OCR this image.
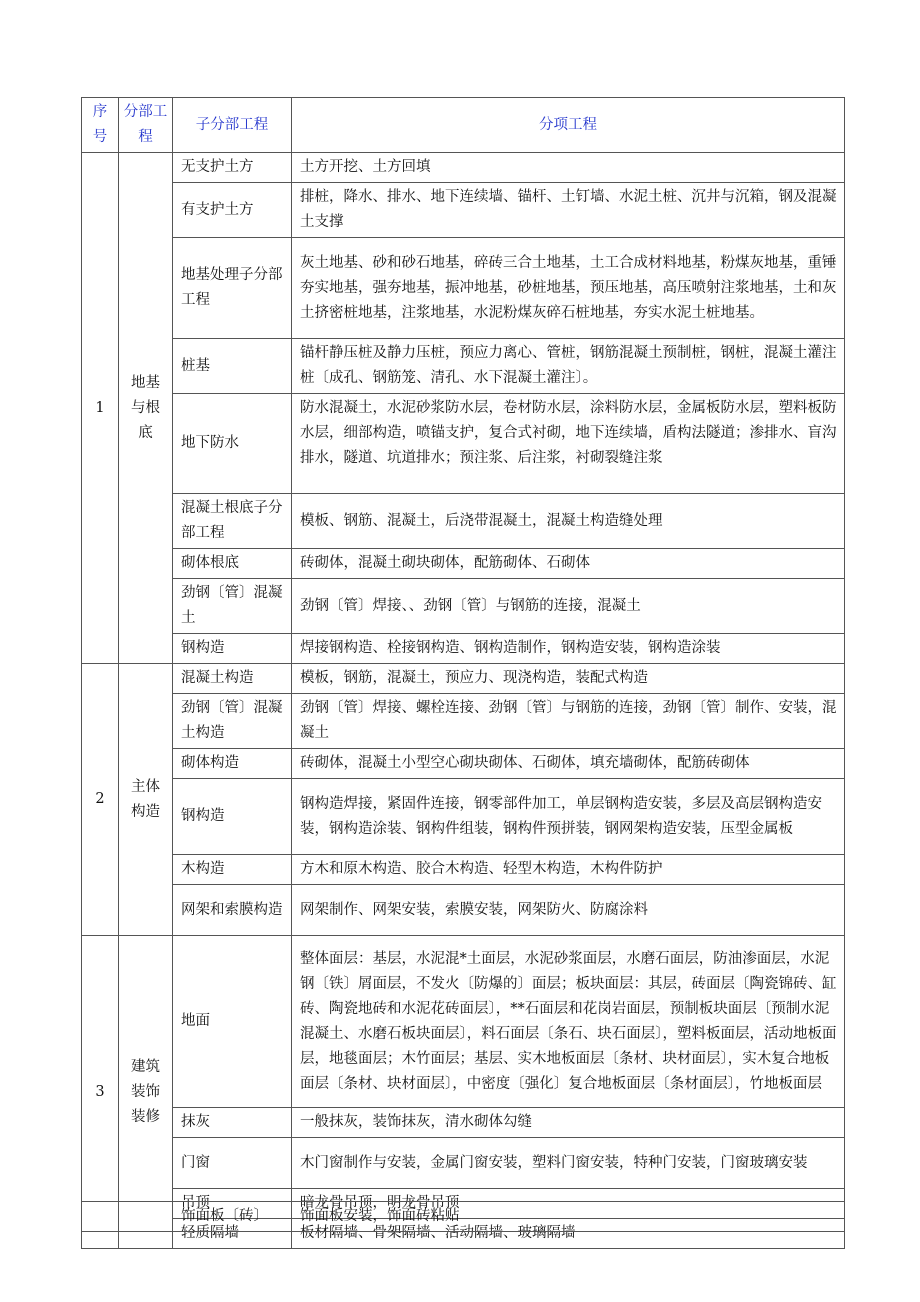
序号	分部工程	子分部工程	分项工程
1	地基与根底	无支护土方	土方开挖、土方回填
		有支护土方	排桩，降水、排水、地下连续墙、锚杆、土钉墙、水泥土桩、沉井与沉箱，钢及混凝土支撑
		地基处理子分部工程	灰土地基、砂和砂石地基，碎砖三合土地基，土工合成材料地基，粉煤灰地基，重锤夯实地基，强夯地基，振冲地基，砂桩地基，预压地基，高压喷射注浆地基，土和灰土挤密桩地基，注浆地基，水泥粉煤灰碎石桩地基，夯实水泥土桩地基。
		桩基	锚杆静压桩及静力压桩，预应力离心、管桩，钢筋混凝土预制桩，钢桩，混凝土灌注桩〔成孔、钢筋笼、清孔、水下混凝土灌注〕。
		地下防水	防水混凝土，水泥砂浆防水层，卷材防水层，涂料防水层，金属板防水层，塑料板防水层，细部构造，喷锚支护，复合式衬砌，地下连续墙，盾构法隧道；渗排水、盲沟排水，隧道、坑道排水；预注浆、后注浆，衬砌裂缝注浆
		混凝土根底子分部工程	模板、钢筋、混凝土，后浇带混凝土，混凝土构造缝处理
		砌体根底	砖砌体，混凝土砌块砌体，配筋砌体、石砌体
		劲钢〔管〕混凝土	劲钢〔管〕焊接、、劲钢〔管〕与钢筋的连接，混凝土
		钢构造	焊接钢构造、栓接钢构造、钢构造制作，钢构造安装，钢构造涂装
2	主体构造	混凝土构造	模板，钢筋，混凝土，预应力、现浇构造，装配式构造
		劲钢〔管〕混凝土构造	劲钢〔管〕焊接、螺栓连接、劲钢〔管〕与钢筋的连接，劲钢〔管〕制作、安装，混凝土
		砌体构造	砖砌体，混凝土小型空心砌块砌体、石砌体，填充墙砌体，配筋砖砌体
		钢构造	钢构造焊接，紧固件连接，钢零部件加工，单层钢构造安装，多层及高层钢构造安装，钢构造涂装、钢构件组装，钢构件预拼装，钢网架构造安装，压型金属板
		木构造	方木和原木构造、胶合木构造、轻型木构造，木构件防护
		网架和索膜构造	网架制作、网架安装，索膜安装，网架防火、防腐涂料
3	建筑装饰装修	地面	整体面层：基层，水泥混*土面层，水泥砂浆面层，水磨石面层，防油渗面层，水泥钢〔铁〕屑面层，不发火〔防爆的〕面层；板块面层：其层，砖面层〔陶瓷锦砖、缸砖、陶瓷地砖和水泥花砖面层〕，**石面层和花岗岩面层，预制板块面层〔预制水泥混凝土、水磨石板块面层〕，料石面层〔条石、块石面层〕，塑料板面层，活动地板面层，地毯面层；木竹面层；基层、实木地板面层〔条材、块材面层〕，实木复合地板面层〔条材、块材面层〕，中密度〔强化〕复合地板面层〔条材面层〕，竹地板面层
		抹灰	一般抹灰，装饰抹灰，清水砌体勾缝
		门窗	木门窗制作与安装，金属门窗安装，塑料门窗安装，特种门安装，门窗玻璃安装
		吊顶	暗龙骨吊顶，明龙骨吊顶
		轻质隔墙	板材隔墙、骨架隔墙、活动隔墙、玻璃隔墙
		饰面板〔砖〕	饰面板安装，饰面砖粘贴
